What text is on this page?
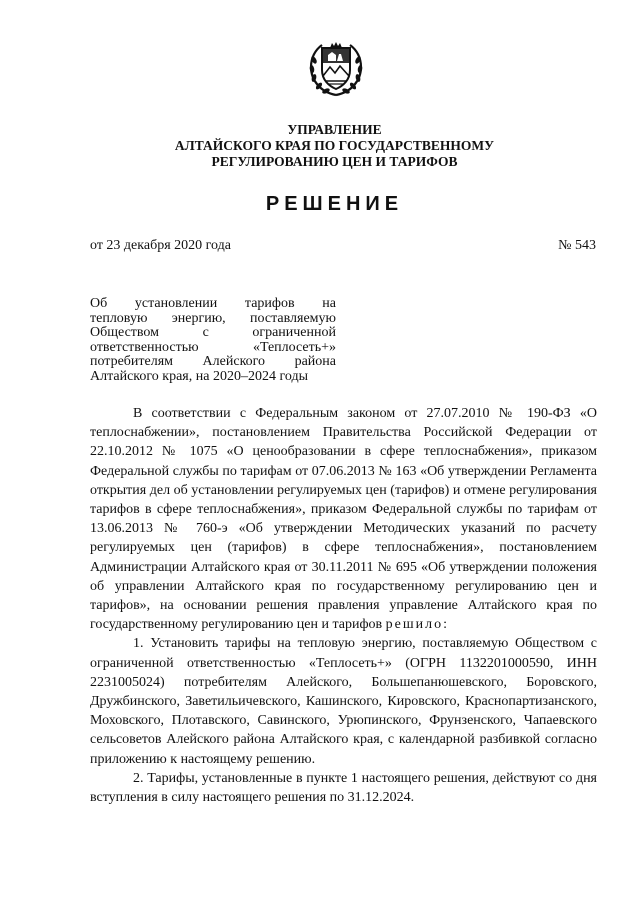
УПРАВЛЕНИЕ
АЛТАЙСКОГО КРАЯ ПО ГОСУДАРСТВЕННОМУ
РЕГУЛИРОВАНИЮ ЦЕН И ТАРИФОВ
РЕШЕНИЕ
от 23 декабря 2020 года	№ 543
Об установлении тарифов на
тепловую энергию, поставляемую
Обществом с ограниченной
ответственностью «Теплосеть+»
потребителям Алейского района
Алтайского края, на 2020–2024 годы

В соответствии с Федеральным законом от 27.07.2010 № 190-ФЗ «О теплоснабжении», постановлением Правительства Российской Федерации от 22.10.2012 № 1075 «О ценообразовании в сфере теплоснабжения», приказом Федеральной службы по тарифам от 07.06.2013 № 163 «Об утверждении Регламента открытия дел об установлении регулируемых цен (тарифов) и отмене регулирования тарифов в сфере теплоснабжения», приказом Федеральной службы по тарифам от 13.06.2013 № 760-э «Об утверждении Методических указаний по расчету регулируемых цен (тарифов) в сфере теплоснабжения», постановлением Администрации Алтайского края от 30.11.2011 № 695 «Об утверждении положения об управлении Алтайского края по государственному регулированию цен и тарифов», на основании решения правления управление Алтайского края по государственному регулированию цен и тарифов решило:

1. Установить тарифы на тепловую энергию, поставляемую Обществом с ограниченной ответственностью «Теплосеть+» (ОГРН 1132201000590, ИНН 2231005024) потребителям Алейского, Большепанюшевского, Боровского, Дружбинского, Заветильичевского, Кашинского, Кировского, Краснопартизанского, Моховского, Плотавского, Савинского, Урюпинского, Фрунзенского, Чапаевского сельсоветов Алейского района Алтайского края, с календарной разбивкой согласно приложению к настоящему решению.

2. Тарифы, установленные в пункте 1 настоящего решения, действуют со дня вступления в силу настоящего решения по 31.12.2024.
